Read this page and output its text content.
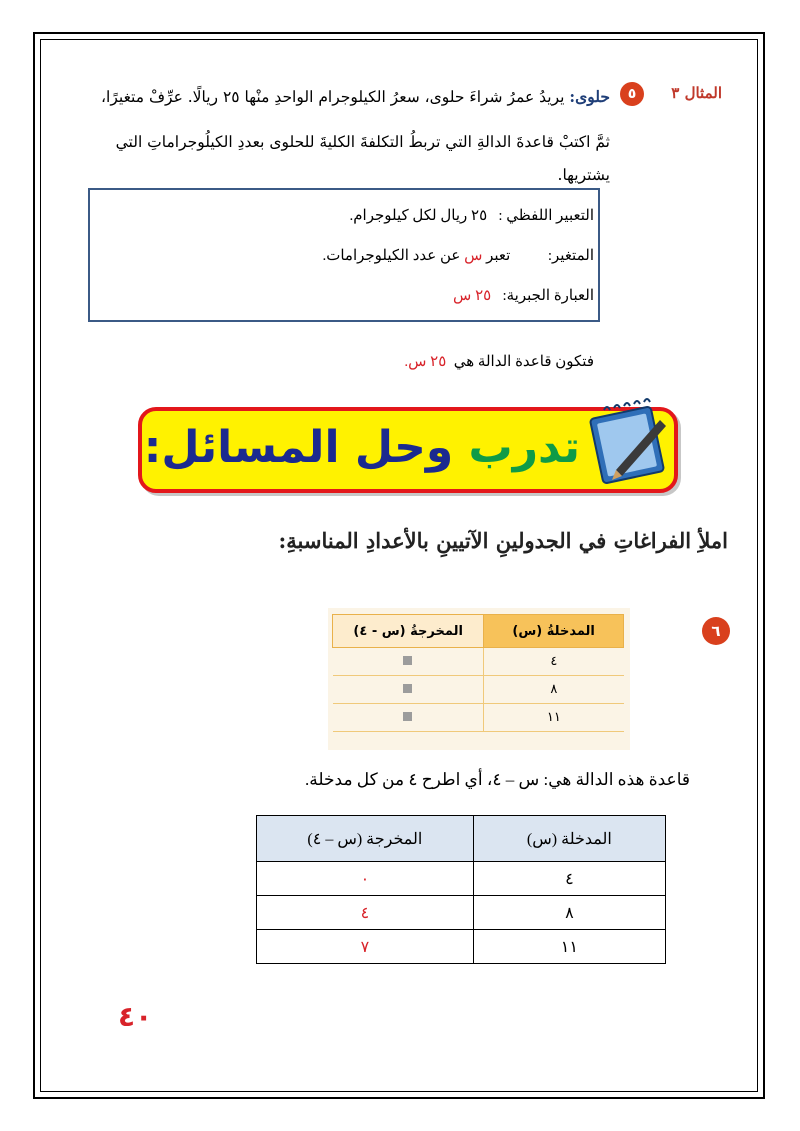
المثال ٣
٥
حلوى: يريدُ عمرُ شراءَ حلوى، سعرُ الكيلوجرام الواحدِ منْها ٢٥ ريالًا. عرِّفْ متغيرًا،
ثمَّ اكتبْ قاعدةَ الدالةِ التي تربطُ التكلفةَ الكليةَ للحلوى بعددِ الكيلُوجراماتِ التي
يشتريها.
التعبير اللفظي :   ٢٥ ريال لكل كيلوجرام.
المتغير:          تعبر س عن عدد الكيلوجرامات.
العبارة الجبرية:   ٢٥ س
فتكون قاعدة الدالة هي  ٢٥ س.
تدرب وحل المسائل:
املأِ الفراغاتِ في الجدولينِ الآتيينِ بالأعدادِ المناسبةِ:
٦
المدخلةُ (س)	المخرجةُ (س - ٤)
٤	
٨	
١١	
قاعدة هذه الدالة هي: س – ٤، أي اطرح ٤ من كل مدخلة.
المدخلة (س)	المخرجة (س – ٤)
٤	٠
٨	٤
١١	٧
٤٠
